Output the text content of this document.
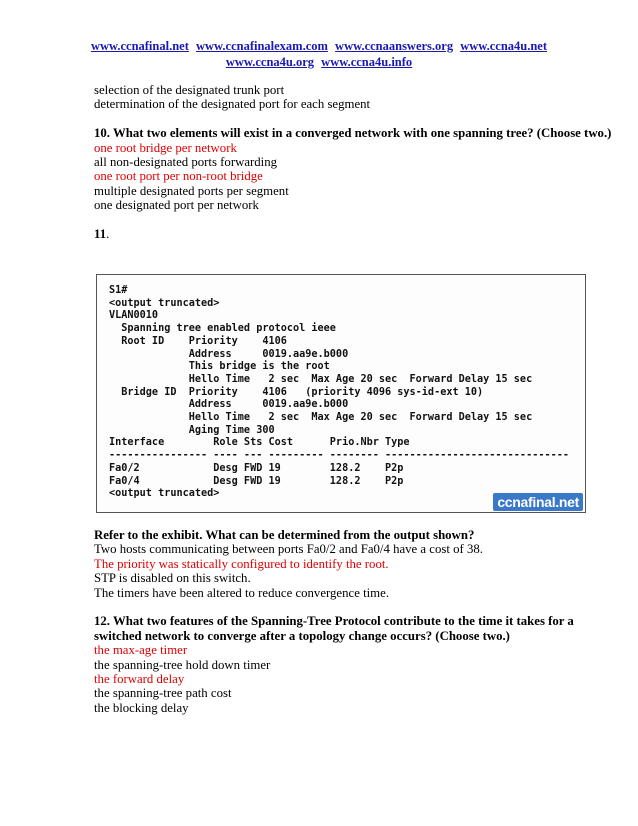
www.ccnafinal.net www.ccnafinalexam.com www.ccnaanswers.org www.ccna4u.net
www.ccna4u.org www.ccna4u.info
selection of the designated trunk port
determination of the designated port for each segment
10. What two elements will exist in a converged network with one spanning tree? (Choose two.)
one root bridge per network
all non-designated ports forwarding
one root port per non-root bridge
multiple designated ports per segment
one designated port per network
11.
S1#
<output truncated>
VLAN0010
Spanning tree enabled protocol ieee
Root ID    Priority    4106
Address     0019.aa9e.b000
This bridge is the root
Hello Time   2 sec  Max Age 20 sec  Forward Delay 15 sec
Bridge ID  Priority    4106   (priority 4096 sys-id-ext 10)
Address     0019.aa9e.b000
Hello Time   2 sec  Max Age 20 sec  Forward Delay 15 sec
Aging Time 300
Interface        Role Sts Cost      Prio.Nbr Type
---------------- ---- --- --------- -------- ------------------------------
Fa0/2            Desg FWD 19        128.2    P2p
Fa0/4            Desg FWD 19        128.2    P2p
<output truncated>
ccnafinal.net
Refer to the exhibit. What can be determined from the output shown?
Two hosts communicating between ports Fa0/2 and Fa0/4 have a cost of 38.
The priority was statically configured to identify the root.
STP is disabled on this switch.
The timers have been altered to reduce convergence time.
12. What two features of the Spanning-Tree Protocol contribute to the time it takes for a switched network to converge after a topology change occurs? (Choose two.)
the max-age timer
the spanning-tree hold down timer
the forward delay
the spanning-tree path cost
the blocking delay
